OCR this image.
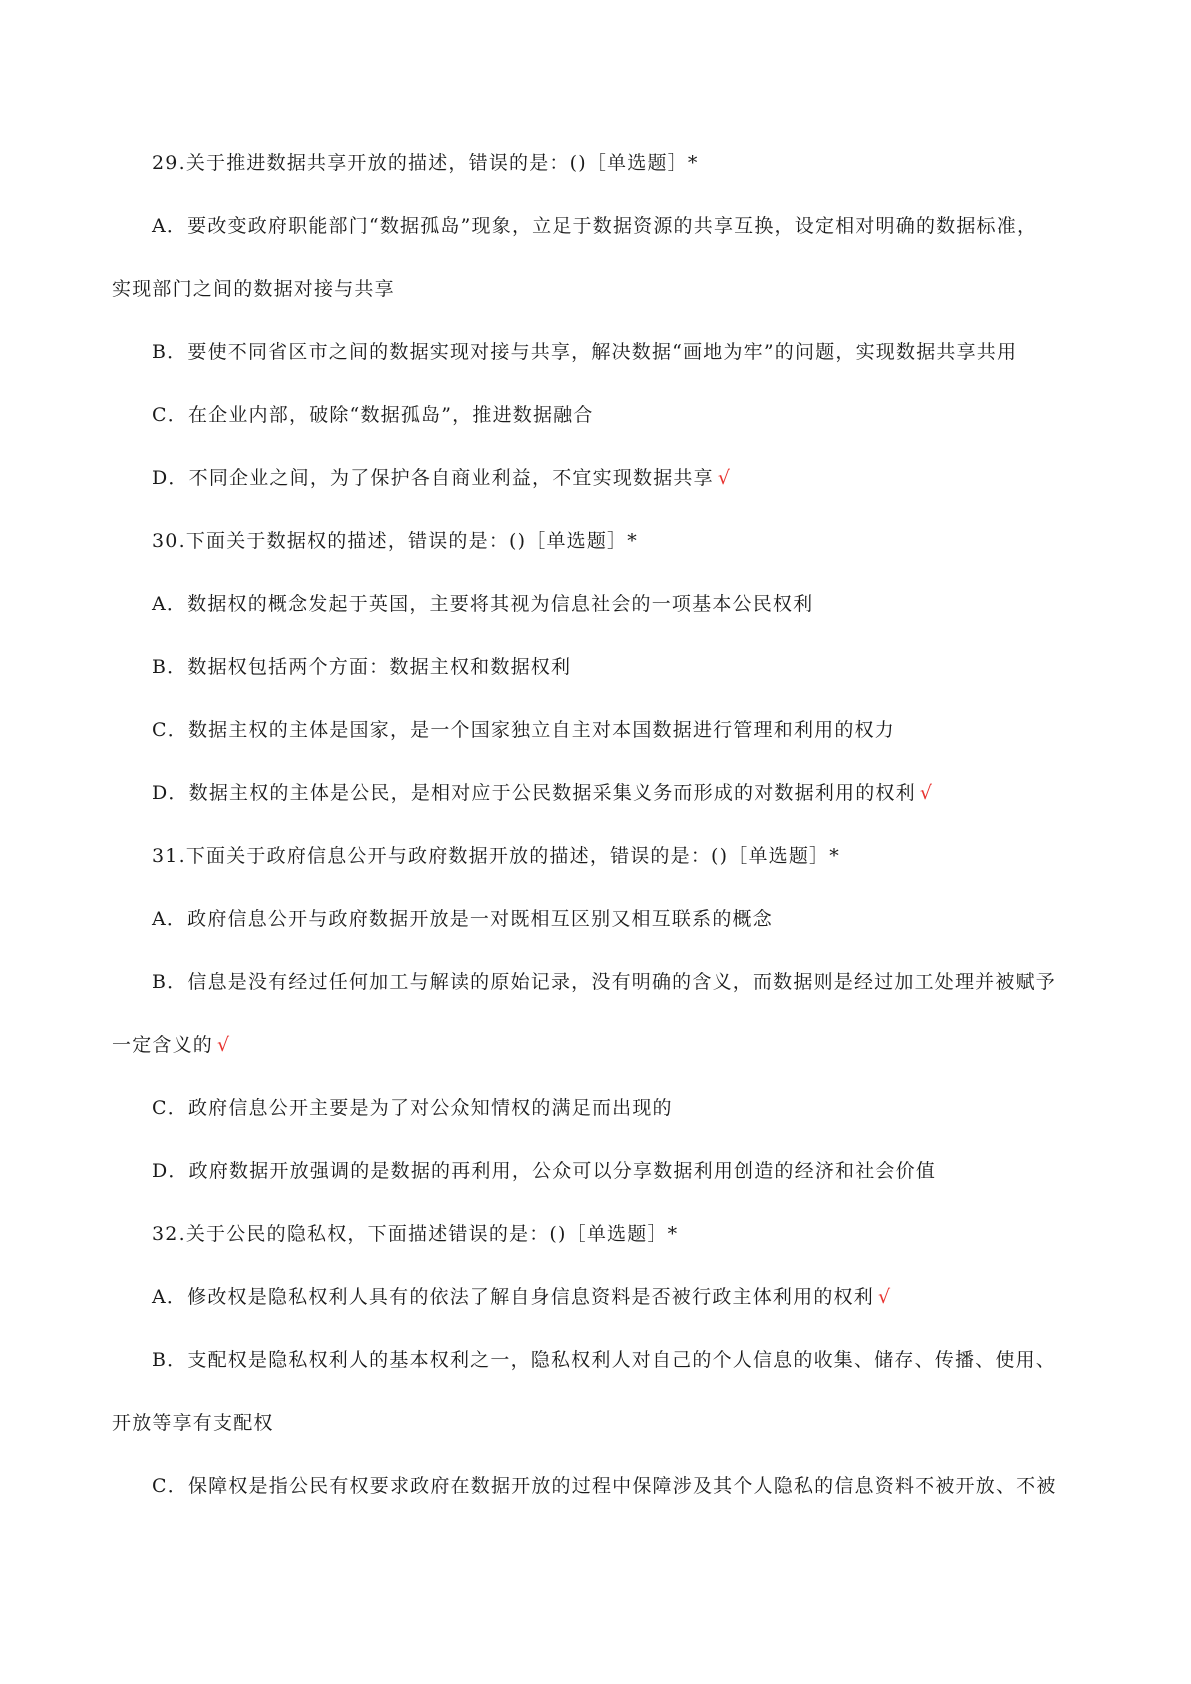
29.关于推进数据共享开放的描述，错误的是：()［单选题］*
A．要改变政府职能部门“数据孤岛”现象，立足于数据资源的共享互换，设定相对明确的数据标准，
实现部门之间的数据对接与共享
B．要使不同省区市之间的数据实现对接与共享，解决数据“画地为牢”的问题，实现数据共享共用
C．在企业内部，破除“数据孤岛”，推进数据融合
D．不同企业之间，为了保护各自商业利益，不宜实现数据共享 √
30.下面关于数据权的描述，错误的是：()［单选题］*
A．数据权的概念发起于英国，主要将其视为信息社会的一项基本公民权利
B．数据权包括两个方面：数据主权和数据权利
C．数据主权的主体是国家，是一个国家独立自主对本国数据进行管理和利用的权力
D．数据主权的主体是公民，是相对应于公民数据采集义务而形成的对数据利用的权利 √
31.下面关于政府信息公开与政府数据开放的描述，错误的是：()［单选题］*
A．政府信息公开与政府数据开放是一对既相互区别又相互联系的概念
B．信息是没有经过任何加工与解读的原始记录，没有明确的含义，而数据则是经过加工处理并被赋予
一定含义的 √
C．政府信息公开主要是为了对公众知情权的满足而出现的
D．政府数据开放强调的是数据的再利用，公众可以分享数据利用创造的经济和社会价值
32.关于公民的隐私权，下面描述错误的是：()［单选题］*
A．修改权是隐私权利人具有的依法了解自身信息资料是否被行政主体利用的权利 √
B．支配权是隐私权利人的基本权利之一，隐私权利人对自己的个人信息的收集、储存、传播、使用、
开放等享有支配权
C．保障权是指公民有权要求政府在数据开放的过程中保障涉及其个人隐私的信息资料不被开放、不被
